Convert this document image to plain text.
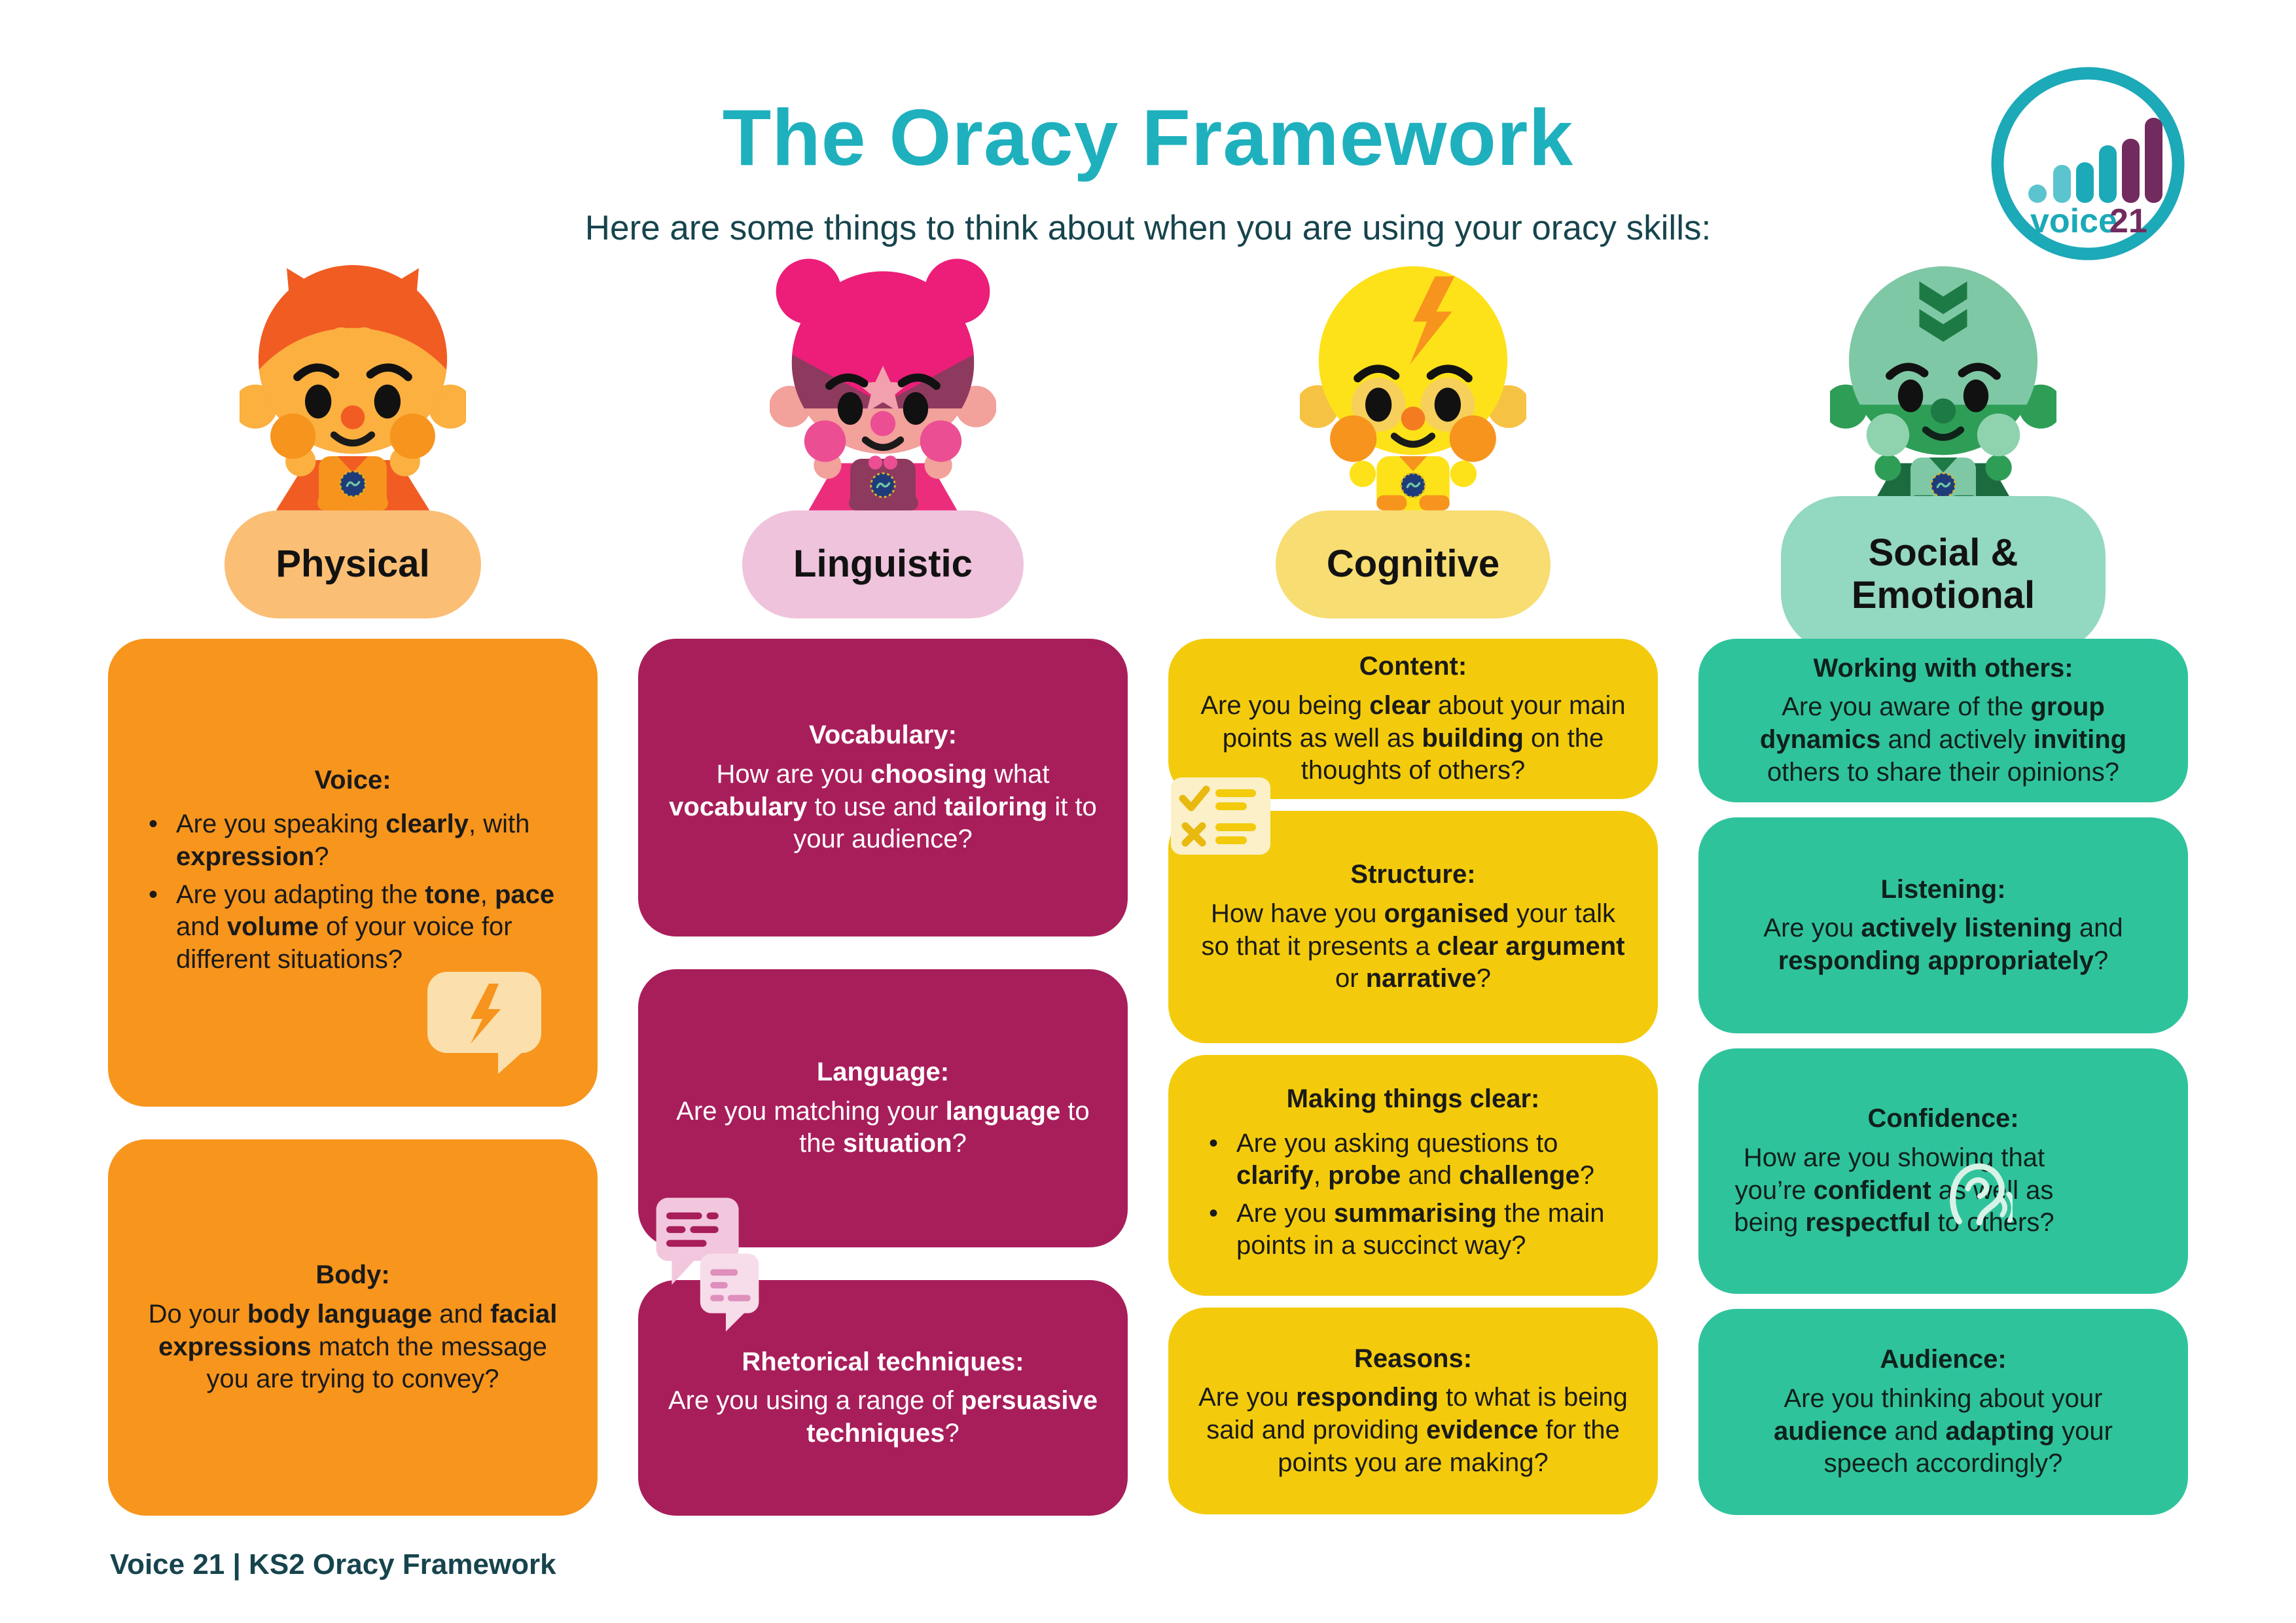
The Oracy Framework
Here are some things to think about when you are using your oracy skills:	voice
21
Physical
Voice:
• Are you speaking clearly, with expression?
• Are you adapting the tone, pace and volume of your voice for different situations?
Body:

Do your body language and facial expressions match the message you are trying to convey?

Linguistic
Vocabulary:

How are you choosing what vocabulary to use and tailoring it to your audience?

Language:

Are you matching your language to the situation?

Rhetorical techniques:

Are you using a range of persuasive techniques?

Cognitive
Content:

Are you being clear about your main points as well as building on the thoughts of others?

Structure:

How have you organised your talk so that it presents a clear argument or narrative?

Making things clear:
• Are you asking questions to clarify, probe and challenge?
• Are you summarising the main points in a succinct way?
Reasons:

Are you responding to what is being said and providing evidence for the points you are making?

Social & Emotional
Working with others:

Are you aware of the group dynamics and actively inviting others to share their opinions?

Listening:

Are you actively listening and responding appropriately?

Confidence:

How are you showing that you’re confident as well as being respectful to others?

Audience:

Are you thinking about your audience and adapting your speech accordingly?

Voice 21 | KS2 Oracy Framework
